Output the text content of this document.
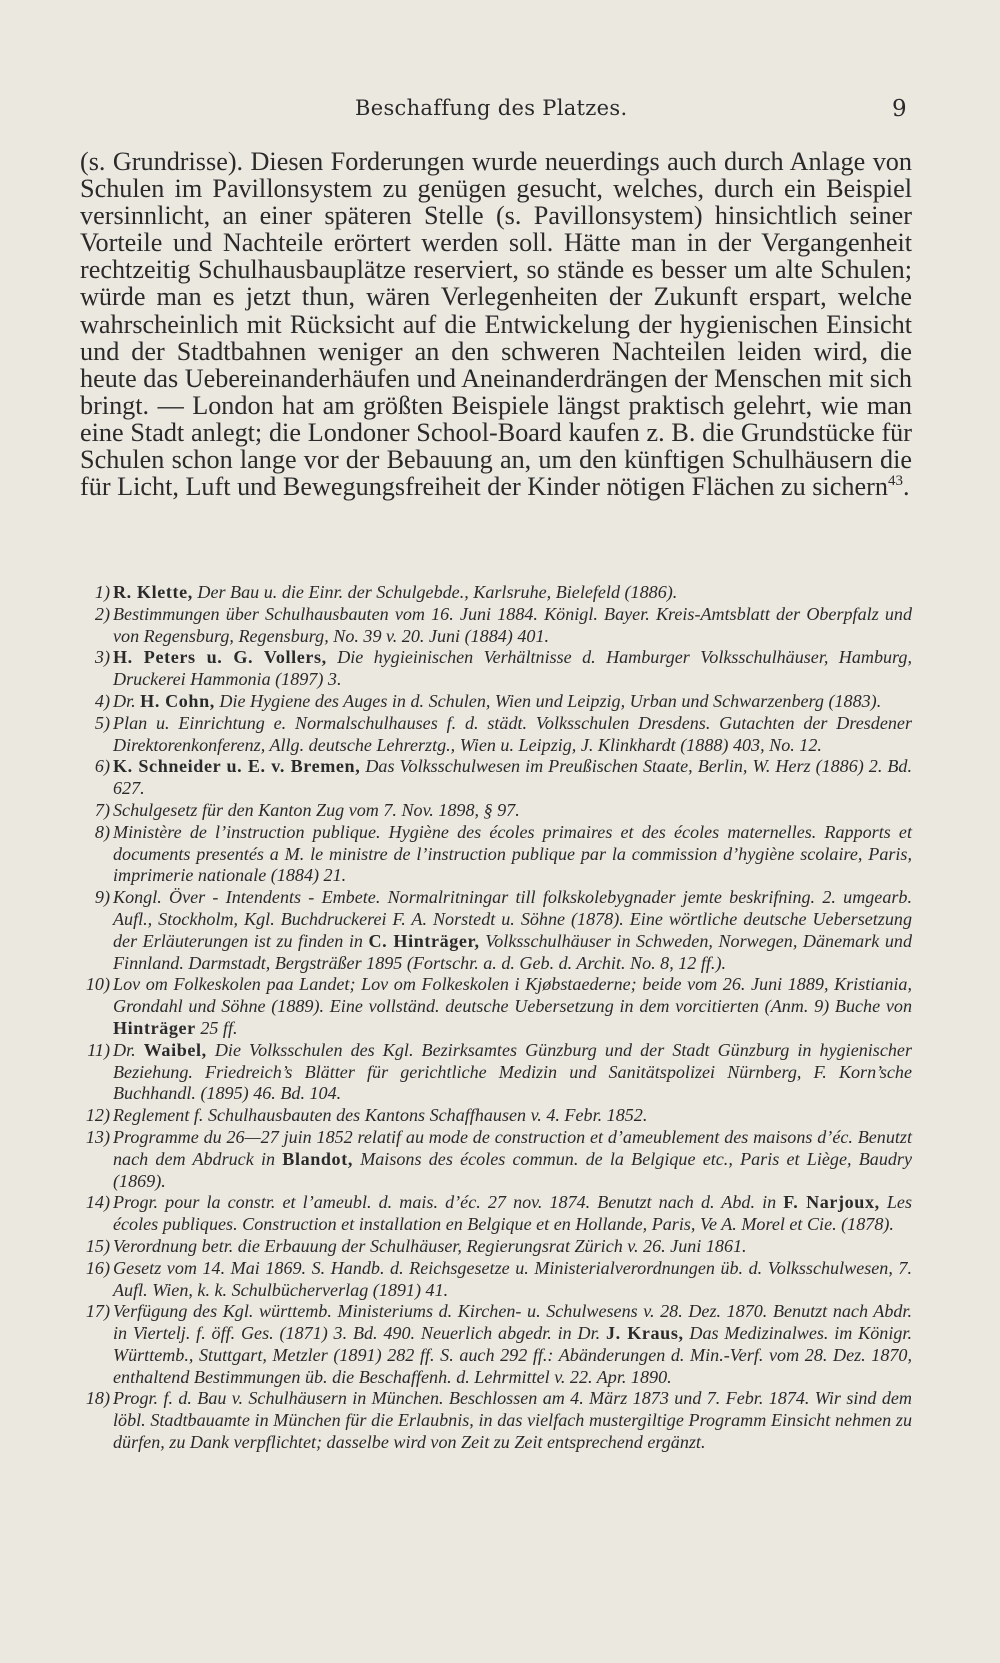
Beschaffung des Platzes.	9

(s. Grundrisse). Diesen Forderungen wurde neuerdings auch durch Anlage von Schulen im Pavillonsystem zu genügen gesucht, welches, durch ein Beispiel versinnlicht, an einer späteren Stelle (s. Pavillonsystem) hinsichtlich seiner Vorteile und Nachteile erörtert werden soll. Hätte man in der Vergangenheit rechtzeitig Schulhausbauplätze reserviert, so stände es besser um alte Schulen; würde man es jetzt thun, wären Verlegenheiten der Zukunft erspart, welche wahrscheinlich mit Rücksicht auf die Entwickelung der hygienischen Einsicht und der Stadtbahnen weniger an den schweren Nachteilen leiden wird, die heute das Uebereinanderhäufen und Aneinanderdrängen der Menschen mit sich bringt. — London hat am größten Beispiele längst praktisch gelehrt, wie man eine Stadt anlegt; die Londoner School-Board kaufen z. B. die Grundstücke für Schulen schon lange vor der Bebauung an, um den künftigen Schulhäusern die für Licht, Luft und Bewegungsfreiheit der Kinder nötigen Flächen zu sichern$^{43}$.

1) R. Klette, Der Bau u. die Einr. der Schulgebde., Karlsruhe, Bielefeld (1886).
2) Bestimmungen über Schulhausbauten vom 16. Juni 1884. Königl. Bayer. Kreis-Amtsblatt der Oberpfalz und von Regensburg, Regensburg, No. 39 v. 20. Juni (1884) 401.
3) H. Peters u. G. Vollers, Die hygieinischen Verhältnisse d. Hamburger Volksschulhäuser, Hamburg, Druckerei Hammonia (1897) 3.
4) Dr. H. Cohn, Die Hygiene des Auges in d. Schulen, Wien und Leipzig, Urban und Schwarzenberg (1883).
5) Plan u. Einrichtung e. Normalschulhauses f. d. städt. Volksschulen Dresdens. Gutachten der Dresdener Direktorenkonferenz, Allg. deutsche Lehrerztg., Wien u. Leipzig, J. Klinkhardt (1888) 403, No. 12.
6) K. Schneider u. E. v. Bremen, Das Volksschulwesen im Preußischen Staate, Berlin, W. Herz (1886) 2. Bd. 627.
7) Schulgesetz für den Kanton Zug vom 7. Nov. 1898, § 97.
8) Ministère de l’instruction publique. Hygiène des écoles primaires et des écoles maternelles. Rapports et documents presentés a M. le ministre de l’instruction publique par la commission d’hygiène scolaire, Paris, imprimerie nationale (1884) 21.
9) Kongl. Över - Intendents - Embete. Normalritningar till folkskolebygnader jemte beskrifning. 2. umgearb. Aufl., Stockholm, Kgl. Buchdruckerei F. A. Norstedt u. Söhne (1878). Eine wörtliche deutsche Uebersetzung der Erläuterungen ist zu finden in C. Hinträger, Volksschulhäuser in Schweden, Norwegen, Dänemark und Finnland. Darmstadt, Bergsträßer 1895 (Fortschr. a. d. Geb. d. Archit. No. 8, 12 ff.).
10) Lov om Folkeskolen paa Landet; Lov om Folkeskolen i Kjøbstaederne; beide vom 26. Juni 1889, Kristiania, Grondahl und Söhne (1889). Eine vollständ. deutsche Uebersetzung in dem vorcitierten (Anm. 9) Buche von Hinträger 25 ff.
11) Dr. Waibel, Die Volksschulen des Kgl. Bezirksamtes Günzburg und der Stadt Günzburg in hygienischer Beziehung. Friedreich’s Blätter für gerichtliche Medizin und Sanitätspolizei Nürnberg, F. Korn’sche Buchhandl. (1895) 46. Bd. 104.
12) Reglement f. Schulhausbauten des Kantons Schaffhausen v. 4. Febr. 1852.
13) Programme du 26—27 juin 1852 relatif au mode de construction et d’ameublement des maisons d’éc. Benutzt nach dem Abdruck in Blandot, Maisons des écoles commun. de la Belgique etc., Paris et Liège, Baudry (1869).
14) Progr. pour la constr. et l’ameubl. d. mais. d’éc. 27 nov. 1874. Benutzt nach d. Abd. in F. Narjoux, Les écoles publiques. Construction et installation en Belgique et en Hollande, Paris, Ve A. Morel et Cie. (1878).
15) Verordnung betr. die Erbauung der Schulhäuser, Regierungsrat Zürich v. 26. Juni 1861.
16) Gesetz vom 14. Mai 1869. S. Handb. d. Reichsgesetze u. Ministerialverordnungen üb. d. Volksschulwesen, 7. Aufl. Wien, k. k. Schulbücherverlag (1891) 41.
17) Verfügung des Kgl. württemb. Ministeriums d. Kirchen- u. Schulwesens v. 28. Dez. 1870. Benutzt nach Abdr. in Viertelj. f. öff. Ges. (1871) 3. Bd. 490. Neuerlich abgedr. in Dr. J. Kraus, Das Medizinalwes. im Königr. Württemb., Stuttgart, Metzler (1891) 282 ff. S. auch 292 ff.: Abänderungen d. Min.-Verf. vom 28. Dez. 1870, enthaltend Bestimmungen üb. die Beschaffenh. d. Lehrmittel v. 22. Apr. 1890.
18) Progr. f. d. Bau v. Schulhäusern in München. Beschlossen am 4. März 1873 und 7. Febr. 1874. Wir sind dem löbl. Stadtbauamte in München für die Erlaubnis, in das vielfach mustergiltige Programm Einsicht nehmen zu dürfen, zu Dank verpflichtet; dasselbe wird von Zeit zu Zeit entsprechend ergänzt.
